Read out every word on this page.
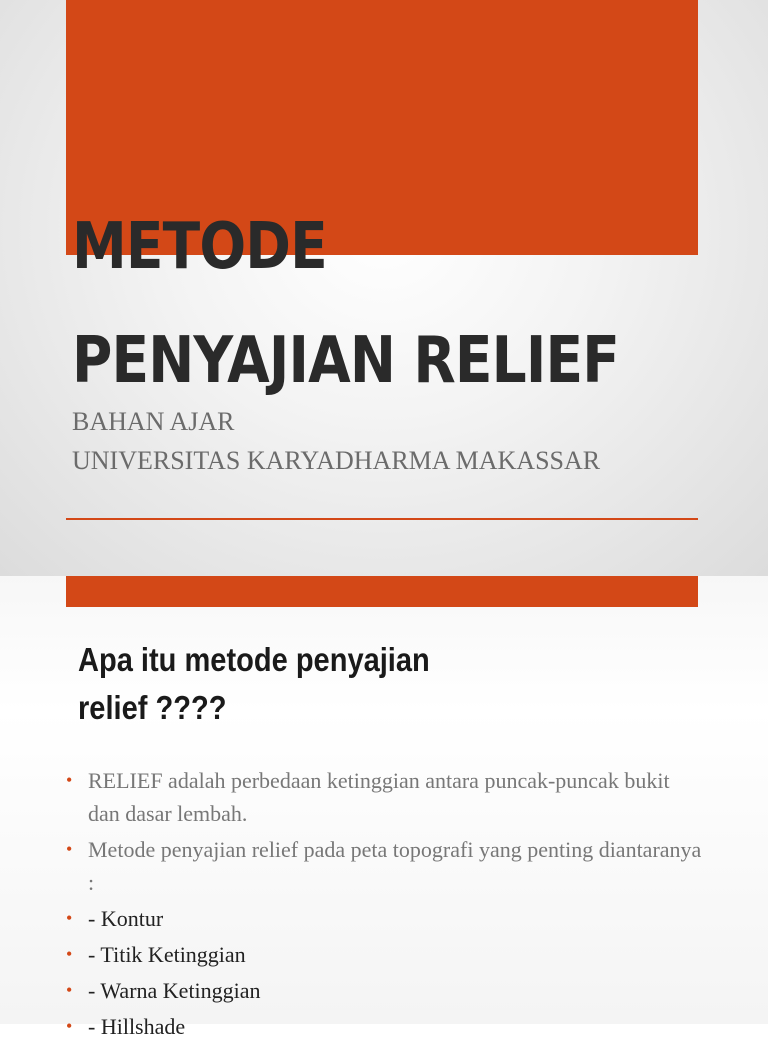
METODE
PENYAJIAN RELIEF
BAHAN AJAR
UNIVERSITAS KARYADHARMA MAKASSAR
Apa itu metode penyajian
relief ????
• RELIEF adalah perbedaan ketinggian antara puncak-puncak bukit dan dasar lembah.
• Metode penyajian relief pada peta topografi yang penting diantaranya :
• - Kontur
• - Titik Ketinggian
• - Warna Ketinggian
• - Hillshade
